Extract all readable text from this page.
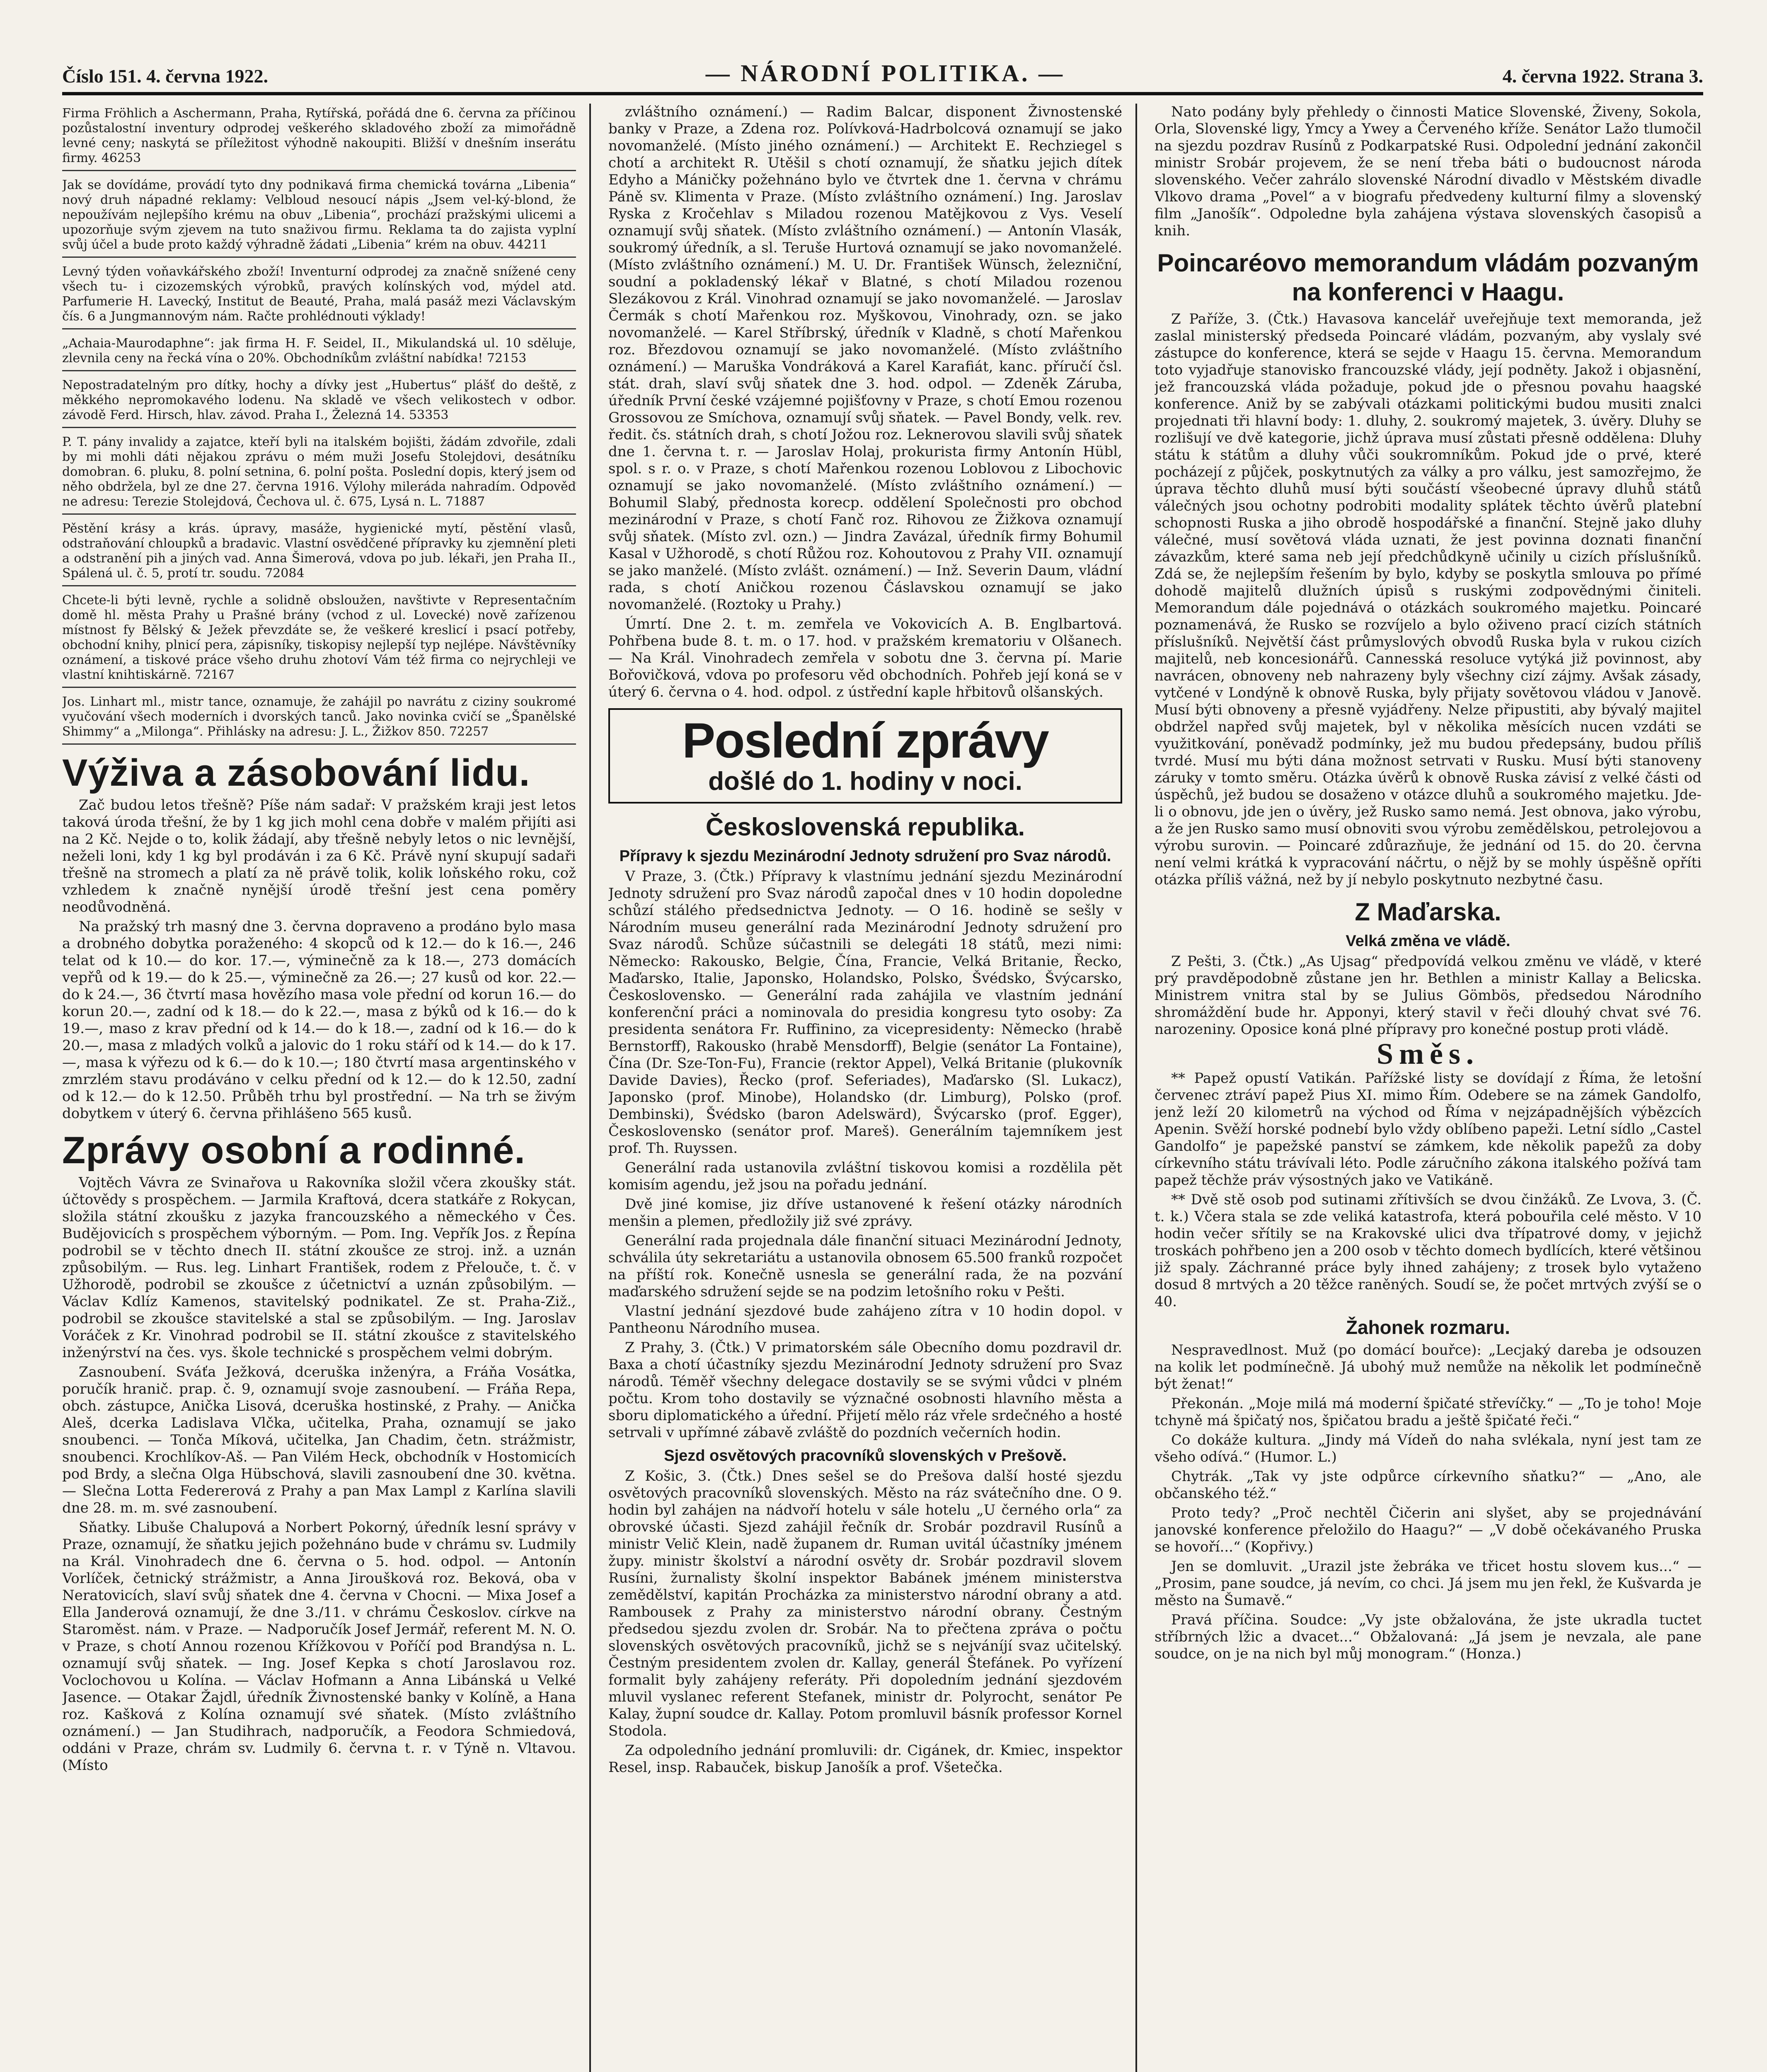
Číslo 151. 4. června 1922.	— NÁRODNÍ POLITIKA. —	4. června 1922. Strana 3.
Firma Fröhlich a Aschermann, Praha, Rytířská, pořádá dne 6. června za příčinou pozůstalostní inventury odprodej veškerého skladového zboží za mimořádně levné ceny; naskytá se příležitost výhodně nakoupiti. Bližší v dnešním inserátu firmy. 46253
Jak se dovídáme, provádí tyto dny podnikavá firma chemická továrna „Libenia“ nový druh nápadné reklamy: Velbloud nesoucí nápis „Jsem vel-ký-blond, že nepoužívám nejlepšího krému na obuv „Libenia“, prochází pražskými ulicemi a upozorňuje svým zjevem na tuto snaživou firmu. Reklama ta do zajista vyplní svůj účel a bude proto každý výhradně žádati „Libenia“ krém na obuv. 44211
Levný týden voňavkářského zboží! Inventurní odprodej za značně snížené ceny všech tu- i cizozemských výrobků, pravých kolínských vod, mýdel atd. Parfumerie H. Lavecký, Institut de Beauté, Praha, malá pasáž mezi Václavským čís. 6 a Jungmannovým nám. Račte prohlédnouti výklady!
„Achaia-Maurodaphne“: jak firma H. F. Seidel, II., Mikulandská ul. 10 sděluje, zlevnila ceny na řecká vína o 20%. Obchodníkům zvláštní nabídka! 72153
Nepostradatelným pro dítky, hochy a dívky jest „Hubertus“ plášť do deště, z měkkého nepromokavého lodenu. Na skladě ve všech velikostech v odbor. závodě Ferd. Hirsch, hlav. závod. Praha I., Železná 14. 53353
P. T. pány invalidy a zajatce, kteří byli na italském bojišti, žádám zdvořile, zdali by mi mohli dáti nějakou zprávu o mém muži Josefu Stolejdovi, desátníku domobran. 6. pluku, 8. polní setnina, 6. polní pošta. Poslední dopis, který jsem od něho obdržela, byl ze dne 27. června 1916. Výlohy milerádа nahradím. Odpověď ne adresu: Terezie Stolejdová, Čechova ul. č. 675, Lysá n. L. 71887
Pěstění krásy a krás. úpravy, masáže, hygienické mytí, pěstění vlasů, odstraňování chloupků a bradavic. Vlastní osvědčené přípravky ku zjemnění pleti a odstranění pih a jiných vad. Anna Šimerová, vdova po jub. lékaři, jen Praha II., Spálená ul. č. 5, protí tr. soudu. 72084
Chcete-li býti levně, rychle a solidně obsloužen, navštivte v Representačním domě hl. města Prahy u Prašné brány (vchod z ul. Lovecké) nově zařízenou místnost fy Bělský & Ježek převzdáte se, že veškeré kreslicí i psací potřeby, obchodní knihy, plnicí pera, zápisníky, tiskopisy nejlepší typ nejlépe. Návštěvníky oznámení, a tiskové práce všeho druhu zhotoví Vám též firma co nejrychleji ve vlastní knihtiskárně. 72167
Jos. Linhart ml., mistr tance, oznamuje, že zahájil po navrátu z ciziny soukromé vyučování všech moderních i dvorských tanců. Jako novinka cvičí se „Španělské Shimmy“ a „Milonga“. Přihlásky na adresu: J. L., Žižkov 850. 72257
Výživa a zásobování lidu.

Zač budou letos třešně? Píše nám sadař: V pražském kraji jest letos taková úroda třešní, že by 1 kg jich mohl cena dobře v malém přijíti asi na 2 Kč. Nejde o to, kolik žádají, aby třešně nebyly letos o nic levnější, neželi loni, kdy 1 kg byl prodáván i za 6 Kč. Právě nyní skupují sadaři třešně na stromech a platí za ně právě tolik, kolik loňského roku, což vzhledem k značně nynější úrodě třešní jest cena poměry neodůvodněná.

Na pražský trh masný dne 3. června dopraveno a prodáno bylo masa a drobného dobytka poraženého: 4 skopců od k 12.— do k 16.—, 246 telat od k 10.— do kor. 17.—, výminečně za k 18.—, 273 domácích vepřů od k 19.— do k 25.—, výminečně za 26.—; 27 kusů od kor. 22.— do k 24.—, 36 čtvrtí masa hovězího masa vole přední od korun 16.— do korun 20.—, zadní od k 18.— do k 22.—, masa z býků od k 16.— do k 19.—, maso z krav přední od k 14.— do k 18.—, zadní od k 16.— do k 20.—, masa z mladých volků a jalovic do 1 roku stáří od k 14.— do k 17.—, masa k výřezu od k 6.— do k 10.—; 180 čtvrtí masa argentinského v zmrzlém stavu prodáváno v celku přední od k 12.— do k 12.50, zadní od k 12.— do k 12.50. Průběh trhu byl prostřední. — Na trh se živým dobytkem v úterý 6. června přihlášeno 565 kusů.

Zprávy osobní a rodinné.

Vojtěch Vávra ze Svinařova u Rakovníka složil včera zkoušky stát. účtovědy s prospěchem. — Jarmila Kraftová, dcera statkáře z Rokycan, složila státní zkoušku z jazyka francouzského a německého v Čes. Budějovicích s prospěchem výborným. — Pom. Ing. Vepřík Jos. z Řepína podrobil se v těchto dnech II. státní zkoušce ze stroj. inž. a uznán způsobilým. — Rus. leg. Linhart František, rodem z Přelouče, t. č. v Užhorodě, podrobil se zkoušce z účetnictví a uznán způsobilým. — Václav Kdlíz Kamenos, stavitelský podnikatel. Ze st. Praha-Ziž., podrobil se zkoušce stavitelské a stal se způsobilým. — Ing. Jaroslav Voráček z Kr. Vinohrad podrobil se II. státní zkoušce z stavitelského inženýrství na čes. vys. škole technické s prospěchem velmi dobrým.

Zasnoubení. Sváťa Ježková, dceruška inženýra, a Fráňa Vosátka, poručík hranič. prap. č. 9, oznamují svoje zasnoubení. — Fráňa Repa, obch. zástupce, Anička Lisová, dceruška hostinské, z Prahy. — Anička Aleš, dcerka Ladislava Vlčka, učitelka, Praha, oznamují se jako snoubenci. — Tonča Míková, učitelka, Jan Chadim, četn. strážmistr, snoubenci. Krochlíkov-Aš. — Pan Vilém Heck, obchodník v Hostomicích pod Brdy, a slečna Olga Hübschová, slavili zasnoubení dne 30. května. — Slečna Lotta Federerová z Prahy a pan Max Lampl z Karlína slavili dne 28. m. m. své zasnoubení.

Sňatky. Libuše Chalupová a Norbert Pokorný, úředník lesní správy v Praze, oznamují, že sňatku jejich požehnáno bude v chrámu sv. Ludmily na Král. Vinohradech dne 6. června o 5. hod. odpol. — Antonín Vorlíček, četnický strážmistr, a Anna Jiroušková roz. Beková, oba v Neratovicích, slaví svůj sňatek dne 4. června v Chocni. — Mixa Josef a Ella Janderová oznamují, že dne 3./11. v chrámu Českoslov. církve na Staroměst. nám. v Praze. — Nadporučík Josef Jermář, referent M. N. O. v Praze, s chotí Annou rozenou Křížkovou v Poříčí pod Brandýsa n. L. oznamují svůj sňatek. — Ing. Josef Kepka s chotí Jaroslavou roz. Voclochovou u Kolína. — Václav Hofmann a Anna Libánská u Velké Jasence. — Otakar Žajdl, úředník Živnostenské banky v Kolíně, a Hana roz. Kašková z Kolína oznamují své sňatek. (Místo zvláštního oznámení.) — Jan Studihrach, nadporučík, a Feodora Schmiedová, oddáni v Praze, chrám sv. Ludmily 6. června t. r. v Týně n. Vltavou. (Místo

zvláštního oznámení.) — Radim Balcar, disponent Živnostenské banky v Praze, a Zdena roz. Polívková-Hadrbolcová oznamují se jako novomanželé. (Místo jiného oznámení.) — Architekt E. Rechziegel s chotí a architekt R. Utěšil s chotí oznamují, že sňatku jejich dítek Edyho a Máničky požehnáno bylo ve čtvrtek dne 1. června v chrámu Páně sv. Klimenta v Praze. (Místo zvláštního oznámení.) Ing. Jaroslav Ryska z Kročehlav s Miladou rozenou Matějkovou z Vys. Veselí oznamují svůj sňatek. (Místo zvláštního oznámení.) — Antonín Vlasák, soukromý úředník, a sl. Teruše Hurtová oznamují se jako novomanželé. (Místo zvláštního oznámení.) M. U. Dr. František Wünsch, železniční, soudní a pokladenský lékař v Blatné, s chotí Miladou rozenou Slezákovou z Král. Vinohrad oznamují se jako novomanželé. — Jaroslav Čermák s chotí Mařenkou roz. Myškovou, Vinohrady, ozn. se jako novomanželé. — Karel Stříbrský, úředník v Kladně, s chotí Mařenkou roz. Březdovou oznamují se jako novomanželé. (Místo zvláštního oznámení.) — Maruška Vondráková a Karel Karafiát, kanc. příručí čsl. stát. drah, slaví svůj sňatek dne 3. hod. odpol. — Zdeněk Záruba, úředník První české vzájemné pojišťovny v Praze, s chotí Emou rozenou Grossovou ze Smíchova, oznamují svůj sňatek. — Pavel Bondy, velk. rev. ředit. čs. státních drah, s chotí Jožou roz. Leknerovou slavili svůj sňatek dne 1. června t. r. — Jaroslav Holaj, prokurista firmy Antonín Hübl, spol. s r. o. v Praze, s chotí Mařenkou rozenou Loblovou z Libochovic oznamují se jako novomanželé. (Místo zvláštního oznámení.) — Bohumil Slabý, přednosta korесp. oddělení Společnosti pro obchod mezinárodní v Praze, s chotí Fanč roz. Rihovou ze Žižkova oznamují svůj sňatek. (Místo zvl. ozn.) — Jindra Zavázal, úředník firmy Bohumil Kasal v Užhorodě, s chotí Růžou roz. Kohoutovou z Prahy VII. oznamují se jako manželé. (Místo zvlášt. oznámení.) — Inž. Severin Daum, vládní rada, s chotí Aničkou rozenou Čáslavskou oznamují se jako novomanželé. (Roztoky u Prahy.)

Úmrtí. Dne 2. t. m. zemřela ve Vokovicích A. B. Englbartová. Pohřbena bude 8. t. m. o 17. hod. v pražském krematoriu v Olšanech. — Na Král. Vinohradech zemřela v sobotu dne 3. června pí. Marie Bořovičková, vdova po profesoru věd obchodních. Pohřeb její koná se v úterý 6. června o 4. hod. odpol. z ústřední kaple hřbitovů olšanských.

Poslední zprávy
došlé do 1. hodiny v noci.
Československá republika.
Přípravy k sjezdu Mezinárodní Jednoty sdružení pro Svaz národů.

V Praze, 3. (Čtk.) Přípravy k vlastnímu jednání sjezdu Mezinárodní Jednoty sdružení pro Svaz národů započal dnes v 10 hodin dopoledne schůzí stálého předsednictva Jednoty. — O 16. hodině se sešly v Národním museu generální rada Mezinárodní Jednoty sdružení pro Svaz národů. Schůze súčastnili se delegáti 18 států, mezi nimi: Německo: Rakousko, Belgie, Čína, Francie, Velká Britanie, Řecko, Maďarsko, Italie, Japonsko, Holandsko, Polsko, Švédsko, Švýcarsko, Československo. — Generální rada zahájila ve vlastním jednání konferenční práci a nominovala do presidia kongresu tyto osoby: Za presidenta senátora Fr. Ruffinino, za vicepresidenty: Německo (hrabě Bernstorff), Rakousko (hrabě Mensdorff), Belgie (senátor La Fontaine), Čína (Dr. Sze-Ton-Fu), Francie (rektor Appel), Velká Britanie (plukovník Davide Davies), Řecko (prof. Seferiades), Maďarsko (Sl. Lukacz), Japonsko (prof. Minobe), Holandsko (dr. Limburg), Polsko (prof. Dembinski), Švédsko (baron Adelswärd), Švýcarsko (prof. Egger), Československo (senátor prof. Mareš). Generálním tajemníkem jest prof. Th. Ruyssen.

Generální rada ustanovila zvláštní tiskovou komisi a rozdělila pět komisím agendu, jež jsou na pořadu jednání.

Dvě jiné komise, jiz dříve ustanovené k řešení otázky národních menšin a plemen, předložily již své zprávy.

Generální rada projednala dále finanční situaci Mezinárodní Jednoty, schválila úty sekretariátu a ustanovila obnosem 65.500 franků rozpočet na příští rok. Konečně usnesla se generální rada, že na pozvání maďarského sdružení sejde se na podzim letošního roku v Pešti.

Vlastní jednání sjezdové bude zahájeno zítra v 10 hodin dopol. v Pantheonu Národního musea.

Z Prahy, 3. (Čtk.) V primatorském sále Obecního domu pozdravil dr. Baxa a chotí účastníky sjezdu Mezinárodní Jednoty sdružení pro Svaz národů. Téměř všechny delegace dostavily se se svými vůdci v plném počtu. Krom toho dostavily se význačné osobnosti hlavního města a sboru diplomatického a úřední. Přijetí mělo ráz vřele srdečného a hosté setrvali v upřímné zábavě zvláště do pozdních večerních hodin.

Sjezd osvětových pracovníků slovenských v Prešově.

Z Košic, 3. (Čtk.) Dnes sešel se do Prešova další hosté sjezdu osvětových pracovníků slovenských. Město na ráz svátečního dne. O 9. hodin byl zahájen na nádvoří hotelu v sále hotelu „U černého orla“ za obrovské účasti. Sjezd zahájil řečník dr. Srobár pozdravil Rusínů a ministr Velič Klein, nadě županem dr. Ruman uvitál účastníky jménem župy. ministr školství a národní osvěty dr. Srobár pozdravil slovem Rusíni, žurnalisty školní inspektor Babánek jménem ministerstva zemědělství, kapitán Procházka za ministerstvo národní obrany a atd. Rambousek z Prahy za ministerstvo národní obrany. Čestným předsedou sjezdu zvolen dr. Srobár. Na to přečtena zpráva o počtu slovenských osvětových pracovníků, jichž se s nejváníjí svaz učitelský. Čestným presidentem zvolen dr. Kallay, generál Štefánek. Po vyřízení formalit byly zahájeny referáty. Při dopoledním jednání sjezdovém mluvil vyslanec referent Stefanek, ministr dr. Polyrocht, senátor Pe Kalay, župní soudce dr. Kallay. Potom promluvil básník professor Kornel Stodola.

Za odpoledního jednání promluvili: dr. Cigánek, dr. Kmiec, inspektor Resel, insp. Rabauček, biskup Janošík a prof. Všetečka.

Nato podány byly přehledy o činnosti Matice Slovenské, Živeny, Sokola, Orla, Slovenské ligy, Ymcy a Ywey a Červeného kříže. Senátor Lažo tlumočil na sjezdu pozdrav Rusínů z Podkarpatské Rusi. Odpolední jednání zakončil ministr Srobár projevem, že se není třeba báti o budoucnost národa slovenského. Večer zahrálo slovenské Národní divadlo v Městském divadle Vlkovo drama „Povel“ a v biografu předvedeny kulturní filmy a slovenský film „Janošík“. Odpoledne byla zahájena výstava slovenských časopisů a knih.

Poincaréovo memorandum vládám pozvaným na konferenci v Haagu.

Z Paříže, 3. (Čtk.) Havasova kancelář uveřejňuje text memoranda, jež zaslal ministerský předseda Poincaré vládám, pozvaným, aby vyslaly své zástupce do konference, která se sejde v Haagu 15. června. Memorandum toto vyjadřuje stanovisko francouzské vlády, její podněty. Jakož i objasnění, jež francouzská vláda požaduje, pokud jde o přesnou povahu haagské konference. Aniž by se zabývali otázkami politickými budou musiti znalci projednati tři hlavní body: 1. dluhy, 2. soukromý majetek, 3. úvěry. Dluhy se rozlišují ve dvě kategorie, jichž úprava musí zůstati přesně oddělena: Dluhy státu k státům a dluhy vůči soukromníkům. Pokud jde o prvé, které pocházejí z půjček, poskytnutých za války a pro válku, jest samozřejmo, že úprava těchto dluhů musí býti součástí všeobecné úpravy dluhů států válečných jsou ochotny podrobiti modality splátek těchto úvěrů platební schopnosti Ruska a jiho obrodě hospodářské a finanční. Stejně jako dluhy válečné, musí sovětová vláda uznati, že jest povinna doznati finanční závazkům, které sama neb její předchůdkyně učinily u cizích příslušníků. Zdá se, že nejlepším řešením by bylo, kdyby se poskytla smlouva po přímé dohodě majitelů dlužních úpisů s ruskými zodpovědnými činiteli. Memorandum dále pojednává o otázkách soukromého majetku. Poincaré poznamenává, že Rusko se rozvíjelo a bylo oživeno prací cizích státních příslušníků. Největší část průmyslových obvodů Ruska byla v rukou cizích majitelů, neb koncesionářů. Cannesská resoluce vytýká již povinnost, aby navrácen, obnoveny neb nahrazeny byly všechny cizí zájmy. Avšak zásady, vytčené v Londýně k obnově Ruska, byly přijaty sovětovou vládou v Janově. Musí býti obnoveny a přesně vyjádřeny. Nelze připustiti, aby bývalý majitel obdržel napřed svůj majetek, byl v několika měsících nucen vzdáti se využitkování, poněvadž podmínky, jež mu budou předepsány, budou příliš tvrdé. Musí mu býti dána možnost setrvati v Rusku. Musí býti stanoveny záruky v tomto směru. Otázka úvěrů k obnově Ruska závisí z velké části od úspěchů, jež budou se dosaženo v otázce dluhů a soukromého majetku. Jde-li o obnovu, jde jen o úvěry, jež Rusko samo nemá. Jest obnova, jako výrobu, a že jen Rusko samo musí obnoviti svou výrobu zemědělskou, petrolejovou a výrobu surovin. — Poincaré zdůrazňuje, že jednání od 15. do 20. června není velmi krátká k vypracování náčrtu, o nějž by se mohly úspěšně opříti otázka příliš vážná, než by jí nebylo poskytnuto nezbytné času.

Z Maďarska.
Velká změna ve vládě.

Z Pešti, 3. (Čtk.) „As Ujsag“ předpovídá velkou změnu ve vládě, v které prý pravděpodobně zůstane jen hr. Bethlen a ministr Kallay a Belicska. Ministrem vnitra stal by se Julius Gömbös, předsedou Národního shromáždění bude hr. Apponyi, který stavil v řeči dlouhý chvat své 76. narozeniny. Oposice koná plné přípravy pro konečné postup proti vládě.

Směs.

** Papež opustí Vatikán. Pařížské listy se dovídají z Říma, že letošní červenec ztráví papež Pius XI. mimo Řím. Odebere se na zámek Gandolfo, jenž leží 20 kilometrů na východ od Říma v nejzápadnějších výbězcích Apenin. Svěží horské podnebí bylo vždy oblíbeno papeži. Letní sídlo „Castel Gandolfo“ je papežské panství se zámkem, kde několik papežů za doby církevního státu trávívali léto. Podle záručního zákona italského požívá tam papež těchže práv výsostných jako ve Vatikáně.

** Dvě stě osob pod sutinami zřítivších se dvou činžáků. Ze Lvova, 3. (Č. t. k.) Včera stala se zde veliká katastrofa, která pobouřila celé město. V 10 hodin večer sřítily se na Krakovské ulici dva třípatrové domy, v jejichž troskách pohřbeno jen a 200 osob v těchto domech bydlících, které většinou již spaly. Záchranné práce byly ihned zahájeny; z trosek bylo vytaženo dosud 8 mrtvých a 20 těžce raněných. Soudí se, že počet mrtvých zvýší se o 40.

Žahonek rozmaru.

Nespravedlnost. Muž (po domácí bouřce): „Lecjaký dareba je odsouzen na kolik let podmínečně. Já ubohý muž nemůže na několik let podmínečně být ženat!“

Překonán. „Moje milá má moderní špičaté střevíčky.“ — „To je toho! Moje tchyně má špičatý nos, špičatou bradu a ještě špičaté řeči.“

Co dokáže kultura. „Jindy má Vídeň do naha svlékala, nyní jest tam ze všeho odívá.“ (Humor. L.)

Chytrák. „Tak vy jste odpůrce církevního sňatku?“ — „Ano, ale občanského též.“

Proto tedy? „Proč nechtěl Čičerin ani slyšet, aby se projednávání janovské konference přeložilo do Haagu?“ — „V době očekávaného Pruska se hovoří...“ (Kopřivy.)

Jen se domluvit. „Urazil jste žebráka ve třicet hostu slovem kus...“ — „Prosim, pane soudce, já nevím, co chci. Já jsem mu jen řekl, že Kušvarda je město na Šumavě.“

Pravá příčina. Soudce: „Vy jste obžalována, že jste ukradla tuctet stříbrných lžic a dvacet...“ Obžalovaná: „Já jsem je nevzala, ale pane soudce, on je na nich byl můj monogram.“ (Honza.)
